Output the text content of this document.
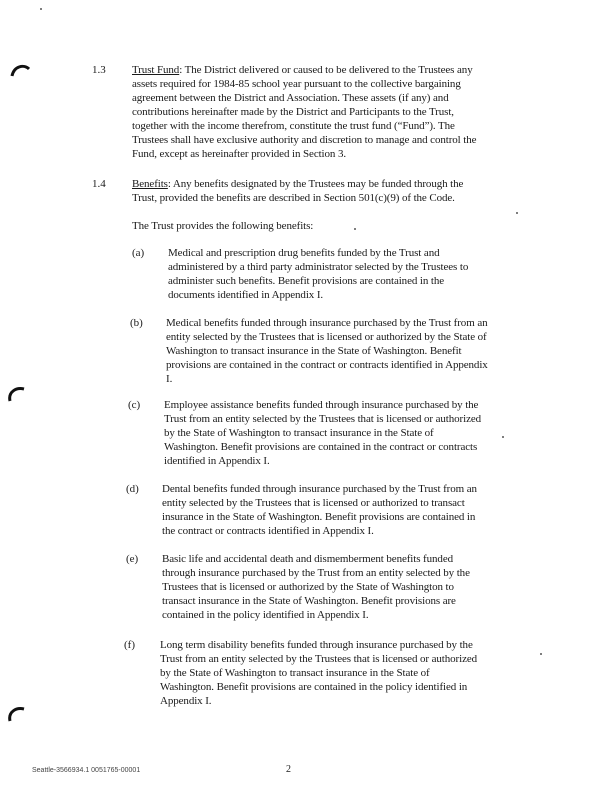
1.3 Trust Fund: The District delivered or caused to be delivered to the Trustees any
assets required for 1984-85 school year pursuant to the collective bargaining
agreement between the District and Association. These assets (if any) and
contributions hereinafter made by the District and Participants to the Trust,
together with the income therefrom, constitute the trust fund (“Fund”). The
Trustees shall have exclusive authority and discretion to manage and control the
Fund, except as hereinafter provided in Section 3.
1.4 Benefits: Any benefits designated by the Trustees may be funded through the
Trust, provided the benefits are described in Section 501(c)(9) of the Code.
The Trust provides the following benefits:
(a) Medical and prescription drug benefits funded by the Trust and
administered by a third party administrator selected by the Trustees to
administer such benefits. Benefit provisions are contained in the
documents identified in Appendix I.
(b) Medical benefits funded through insurance purchased by the Trust from an
entity selected by the Trustees that is licensed or authorized by the State of
Washington to transact insurance in the State of Washington. Benefit
provisions are contained in the contract or contracts identified in Appendix
I.
(c) Employee assistance benefits funded through insurance purchased by the
Trust from an entity selected by the Trustees that is licensed or authorized
by the State of Washington to transact insurance in the State of
Washington. Benefit provisions are contained in the contract or contracts
identified in Appendix I.
(d) Dental benefits funded through insurance purchased by the Trust from an
entity selected by the Trustees that is licensed or authorized to transact
insurance in the State of Washington. Benefit provisions are contained in
the contract or contracts identified in Appendix I.
(e) Basic life and accidental death and dismemberment benefits funded
through insurance purchased by the Trust from an entity selected by the
Trustees that is licensed or authorized by the State of Washington to
transact insurance in the State of Washington. Benefit provisions are
contained in the policy identified in Appendix I.
(f) Long term disability benefits funded through insurance purchased by the
Trust from an entity selected by the Trustees that is licensed or authorized
by the State of Washington to transact insurance in the State of
Washington. Benefit provisions are contained in the policy identified in
Appendix I.
Seattle-3566934.1 0051765-00001	2
